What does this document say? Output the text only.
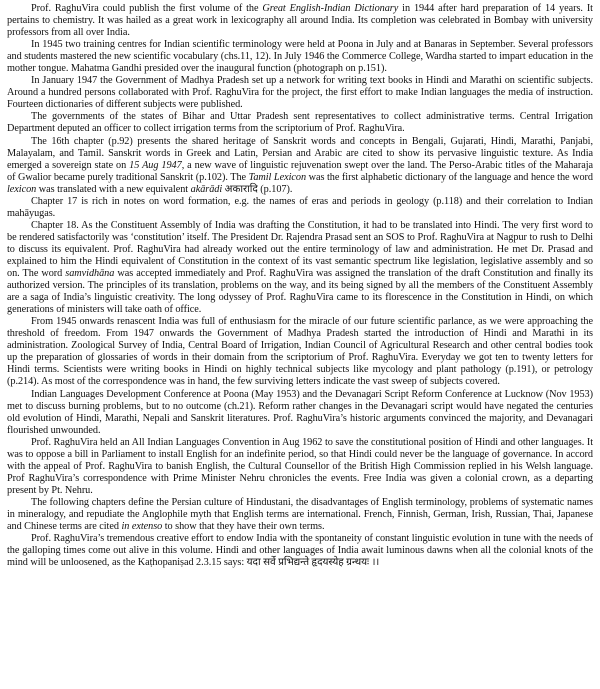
Prof. RaghuVira could publish the first volume of the Great English-Indian Dictionary in 1944 after hard preparation of 14 years. It pertains to chemistry. It was hailed as a great work in lexicography all around India. Its completion was celebrated in Bombay with university professors from all over India.

In 1945 two training centres for Indian scientific terminology were held at Poona in July and at Banaras in September. Several professors and students mastered the new scientific vocabulary (chs.11, 12). In July 1946 the Commerce College, Wardha started to impart education in the mother tongue. Mahatma Gandhi presided over the inaugural function (photograph on p.151).

In January 1947 the Government of Madhya Pradesh set up a network for writing text books in Hindi and Marathi on scientific subjects. Around a hundred persons collaborated with Prof. RaghuVira for the project, the first effort to make Indian languages the media of instruction. Fourteen dictionaries of different subjects were published.

The governments of the states of Bihar and Uttar Pradesh sent representatives to collect administrative terms. Central Irrigation Department deputed an officer to collect irrigation terms from the scriptorium of Prof. RaghuVira.

The 16th chapter (p.92) presents the shared heritage of Sanskrit words and concepts in Bengali, Gujarati, Hindi, Marathi, Panjabi, Malayalam, and Tamil. Sanskrit words in Greek and Latin, Persian and Arabic are cited to show its pervasive linguistic texture. As India emerged a sovereign state on 15 Aug 1947, a new wave of linguistic rejuvenation swept over the land. The Perso-Arabic titles of the Maharaja of Gwalior became purely traditional Sanskrit (p.102). The Tamil Lexicon was the first alphabetic dictionary of the language and hence the word lexicon was translated with a new equivalent akārādi अकारादि (p.107).

Chapter 17 is rich in notes on word formation, e.g. the names of eras and periods in geology (p.118) and their correlation to Indian mahāyugas.

Chapter 18. As the Constituent Assembly of India was drafting the Constitution, it had to be translated into Hindi. The very first word to be rendered satisfactorily was ‘constitution’ itself. The President Dr. Rajendra Prasad sent an SOS to Prof. RaghuVira at Nagpur to rush to Delhi to discuss its equivalent. Prof. RaghuVira had already worked out the entire terminology of law and administration. He met Dr. Prasad and explained to him the Hindi equivalent of Constitution in the context of its vast semantic spectrum like legislation, legislative assembly and so on. The word samvidhāna was accepted immediately and Prof. RaghuVira was assigned the translation of the draft Constitution and finally its authorized version. The principles of its translation, problems on the way, and its being signed by all the members of the Constituent Assembly are a saga of India’s linguistic creativity. The long odyssey of Prof. RaghuVira came to its florescence in the Constitution in Hindi, on which generations of ministers will take oath of office.

From 1945 onwards renascent India was full of enthusiasm for the miracle of our future scientific parlance, as we were approaching the threshold of freedom. From 1947 onwards the Government of Madhya Pradesh started the introduction of Hindi and Marathi in its administration. Zoological Survey of India, Central Board of Irrigation, Indian Council of Agricultural Research and other central bodies took up the preparation of glossaries of words in their domain from the scriptorium of Prof. RaghuVira. Everyday we got ten to twenty letters for Hindi terms. Scientists were writing books in Hindi on highly technical subjects like mycology and plant pathology (p.191), or petrology (p.214). As most of the correspondence was in hand, the few surviving letters indicate the vast sweep of subjects covered.

Indian Languages Development Conference at Poona (May 1953) and the Devanagari Script Reform Conference at Lucknow (Nov 1953) met to discuss burning problems, but to no outcome (ch.21). Reform rather changes in the Devanagari script would have negated the centuries old evolution of Hindi, Marathi, Nepali and Sanskrit literatures. Prof. RaghuVira’s historic arguments convinced the majority, and Devanagari flourished unwounded.

Prof. RaghuVira held an All Indian Languages Convention in Aug 1962 to save the constitutional position of Hindi and other languages. It was to oppose a bill in Parliament to install English for an indefinite period, so that Hindi could never be the language of governance. In accord with the appeal of Prof. RaghuVira to banish English, the Cultural Counsellor of the British High Commission replied in his Welsh language. Prof RaghuVira’s correspondence with Prime Minister Nehru chronicles the events. Free India was given a colonial crown, as a departing present by Pt. Nehru.

The following chapters define the Persian culture of Hindustani, the disadvantages of English terminology, problems of systematic names in mineralogy, and repudiate the Anglophile myth that English terms are international. French, Finnish, German, Irish, Russian, Thai, Japanese and Chinese terms are cited in extenso to show that they have their own terms.

Prof. RaghuVira’s tremendous creative effort to endow India with the spontaneity of constant linguistic evolution in tune with the needs of the galloping times come out alive in this volume. Hindi and other languages of India await luminous dawns when all the colonial knots of the mind will be unloosened, as the Kaṭhopaniṣad 2.3.15 says: यदा सर्वे प्रभिद्यन्ते हृदयस्येह ग्रन्थयः ।।
